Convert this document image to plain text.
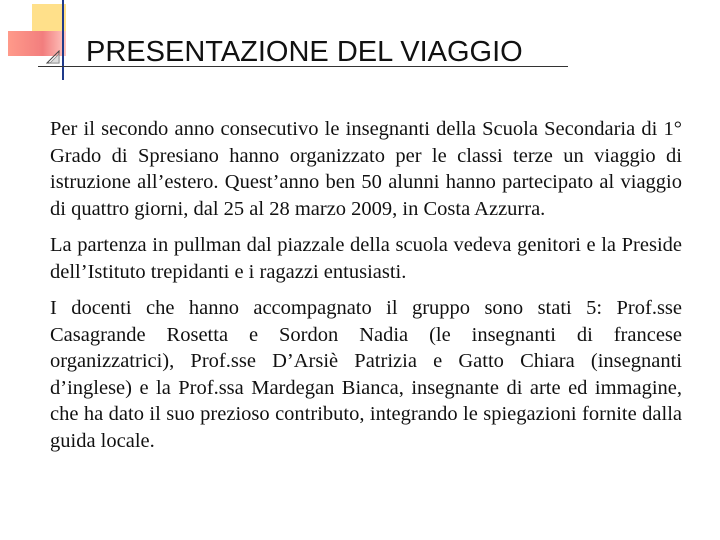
PRESENTAZIONE DEL VIAGGIO

Per il secondo anno consecutivo le insegnanti della Scuola Secondaria di 1° Grado di Spresiano hanno organizzato per le classi terze un viaggio di istruzione all’estero. Quest’anno ben 50 alunni hanno partecipato al viaggio di quattro giorni, dal 25 al 28 marzo 2009, in Costa Azzurra.

La partenza in pullman dal piazzale della scuola vedeva genitori e la Preside dell’Istituto trepidanti e i ragazzi entusiasti.

I docenti che hanno accompagnato il gruppo sono stati 5: Prof.sse Casagrande Rosetta e Sordon Nadia (le insegnanti di francese organizzatrici), Prof.sse D’Arsiè Patrizia e Gatto Chiara (insegnanti d’inglese) e la Prof.ssa Mardegan Bianca, insegnante di arte ed immagine, che ha dato il suo prezioso contributo, integrando le spiegazioni fornite dalla guida locale.
